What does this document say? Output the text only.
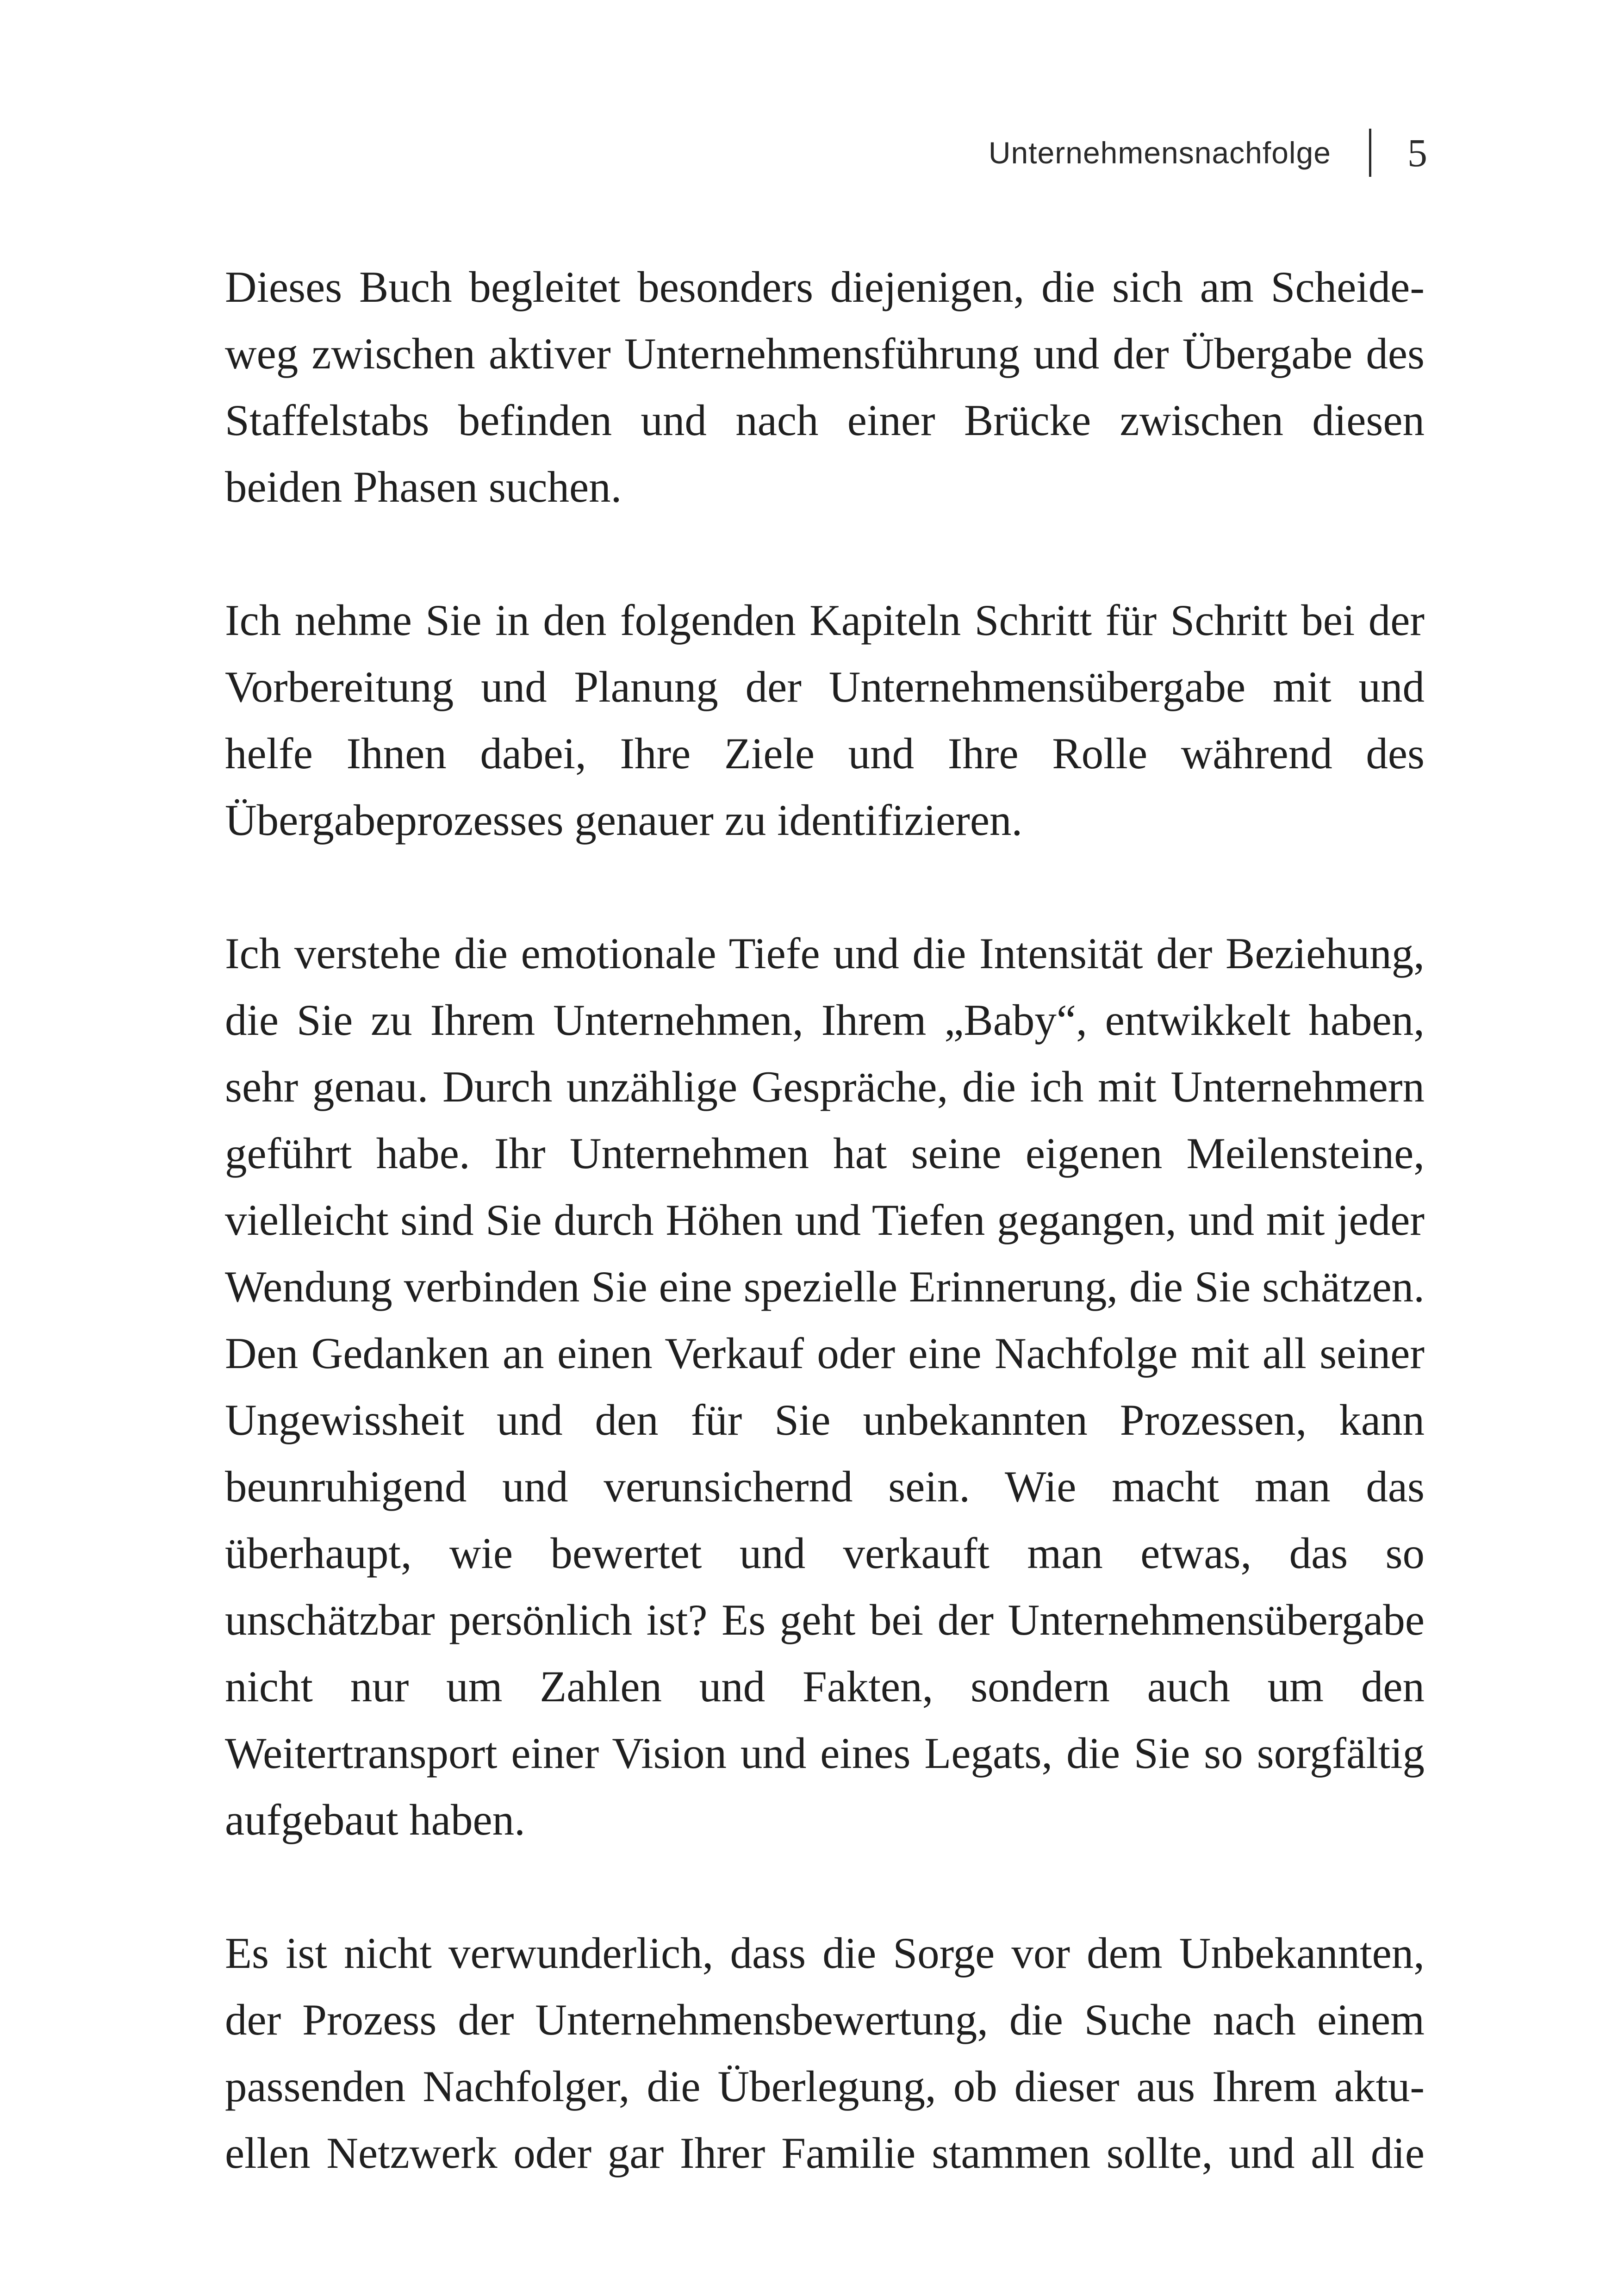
Unternehmensnachfolge 5

Dieses Buch begleitet besonders diejenigen, die sich am Scheideweg zwischen aktiver Unternehmensführung und der Übergabe des Staffelstabs befinden und nach einer Brücke zwischen diesen beiden Phasen suchen.

Ich nehme Sie in den folgenden Kapiteln Schritt für Schritt bei der Vorbereitung und Planung der Unternehmensübergabe mit und helfe Ihnen dabei, Ihre Ziele und Ihre Rolle während des Übergabeprozesses genauer zu identifizieren.

Ich verstehe die emotionale Tiefe und die Intensität der Beziehung, die Sie zu Ihrem Unternehmen, Ihrem „Baby“, entwikkelt haben, sehr genau. Durch unzählige Gespräche, die ich mit Unternehmern geführt habe. Ihr Unternehmen hat seine eigenen Meilensteine, vielleicht sind Sie durch Höhen und Tiefen gegangen, und mit jeder Wendung verbinden Sie eine spezielle Erinnerung, die Sie schätzen. Den Gedanken an einen Verkauf oder eine Nachfolge mit all seiner Ungewissheit und den für Sie unbekannten Prozessen, kann beunruhigend und verunsichernd sein. Wie macht man das überhaupt, wie bewertet und verkauft man etwas, das so unschätzbar persönlich ist? Es geht bei der Unternehmensübergabe nicht nur um Zahlen und Fakten, sondern auch um den Weitertransport einer Vision und eines Legats, die Sie so sorgfältig aufgebaut haben.

Es ist nicht verwunderlich, dass die Sorge vor dem Unbekannten, der Prozess der Unternehmensbewertung, die Suche nach einem passenden Nachfolger, die Überlegung, ob dieser aus Ihrem aktuellen Netzwerk oder gar Ihrer Familie stammen sollte, und all die
